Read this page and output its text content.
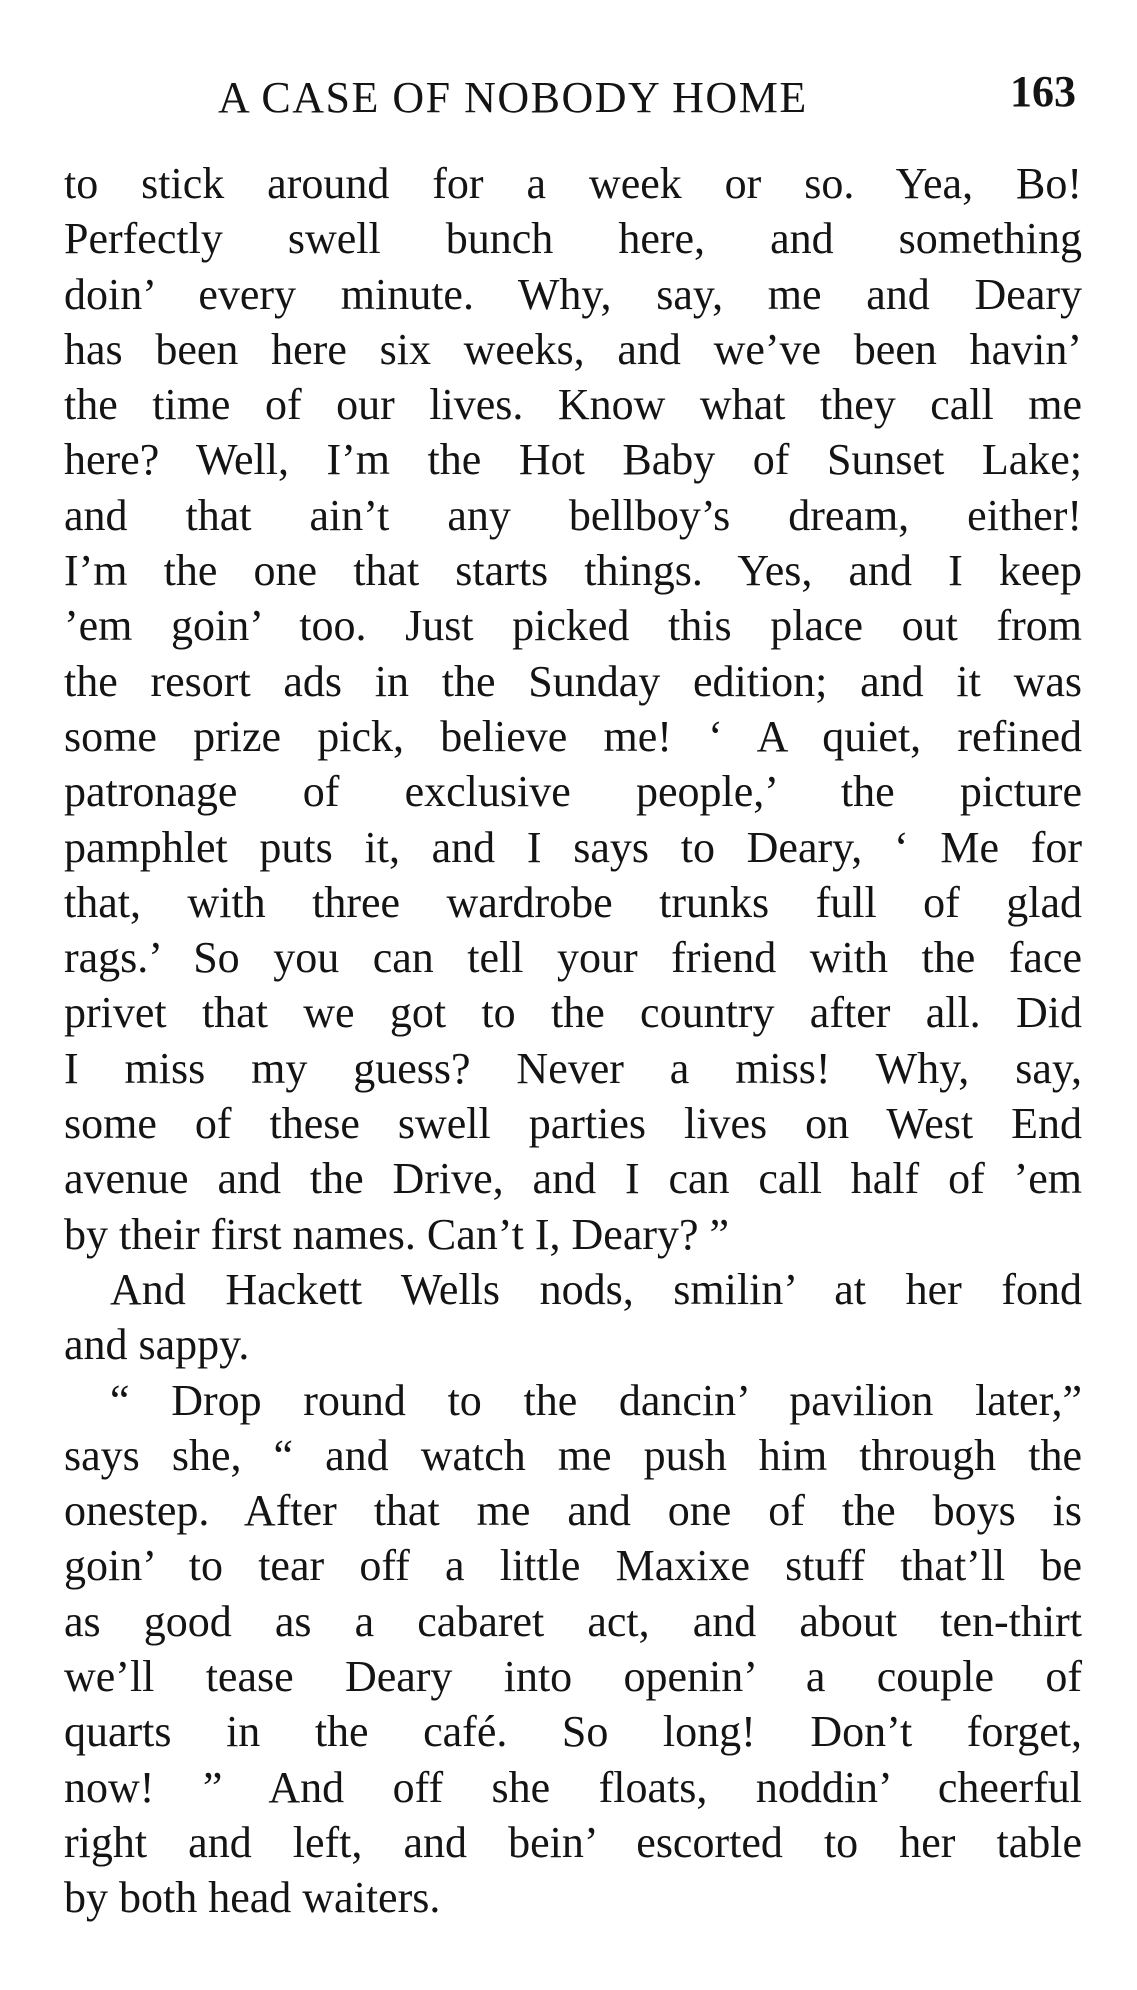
A CASE OF NOBODY HOME	163
to stick around for a week or so. Yea, Bo!
Perfectly swell bunch here, and something
doin’ every minute. Why, say, me and Deary
has been here six weeks, and we’ve been havin’
the time of our lives. Know what they call me
here? Well, I’m the Hot Baby of Sunset Lake;
and that ain’t any bellboy’s dream, either!
I’m the one that starts things. Yes, and I keep
’em goin’ too. Just picked this place out from
the resort ads in the Sunday edition; and it was
some prize pick, believe me! ‘ A quiet, refined
patronage of exclusive people,’ the picture
pamphlet puts it, and I says to Deary, ‘ Me for
that, with three wardrobe trunks full of glad
rags.’ So you can tell your friend with the face
privet that we got to the country after all. Did
I miss my guess? Never a miss! Why, say,
some of these swell parties lives on West End
avenue and the Drive, and I can call half of ’em
by their first names. Can’t I, Deary? ”
And Hackett Wells nods, smilin’ at her fond
and sappy.
“ Drop round to the dancin’ pavilion later,”
says she, “ and watch me push him through the
onestep. After that me and one of the boys is
goin’ to tear off a little Maxixe stuff that’ll be
as good as a cabaret act, and about ten-thirt
we’ll tease Deary into openin’ a couple of
quarts in the café. So long! Don’t forget,
now! ” And off she floats, noddin’ cheerful
right and left, and bein’ escorted to her table
by both head waiters.
